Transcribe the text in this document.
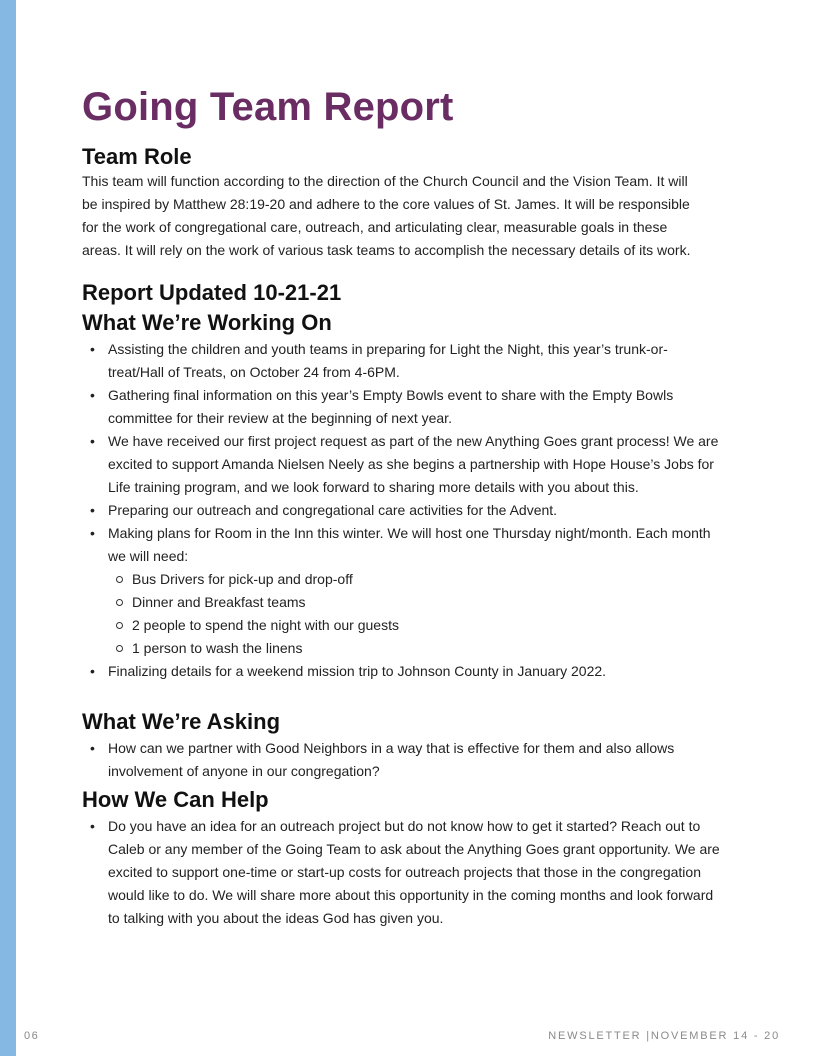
Going Team Report
Team Role

This team will function according to the direction of the Church Council and the Vision Team. It will be inspired by Matthew 28:19-20 and adhere to the core values of St. James. It will be responsible for the work of congregational care, outreach, and articulating clear, measurable goals in these areas. It will rely on the work of various task teams to accomplish the necessary details of its work.

Report Updated 10-21-21
What We’re Working On
• Assisting the children and youth teams in preparing for Light the Night, this year’s trunk-or-treat/Hall of Treats, on October 24 from 4-6PM.
• Gathering final information on this year’s Empty Bowls event to share with the Empty Bowls committee for their review at the beginning of next year.
• We have received our first project request as part of the new Anything Goes grant process! We are excited to support Amanda Nielsen Neely as she begins a partnership with Hope House’s Jobs for Life training program, and we look forward to sharing more details with you about this.
• Preparing our outreach and congregational care activities for the Advent.
• Making plans for Room in the Inn this winter. We will host one Thursday night/month. Each month we will need:
Bus Drivers for pick-up and drop-off
Dinner and Breakfast teams
2 people to spend the night with our guests
1 person to wash the linens
• Finalizing details for a weekend mission trip to Johnson County in January 2022.
What We’re Asking
• How can we partner with Good Neighbors in a way that is effective for them and also allows involvement of anyone in our congregation?
How We Can Help
• Do you have an idea for an outreach project but do not know how to get it started? Reach out to Caleb or any member of the Going Team to ask about the Anything Goes grant opportunity. We are excited to support one-time or start-up costs for outreach projects that those in the congregation would like to do. We will share more about this opportunity in the coming months and look forward to talking with you about the ideas God has given you.
06	NEWSLETTER |NOVEMBER 14 - 20
